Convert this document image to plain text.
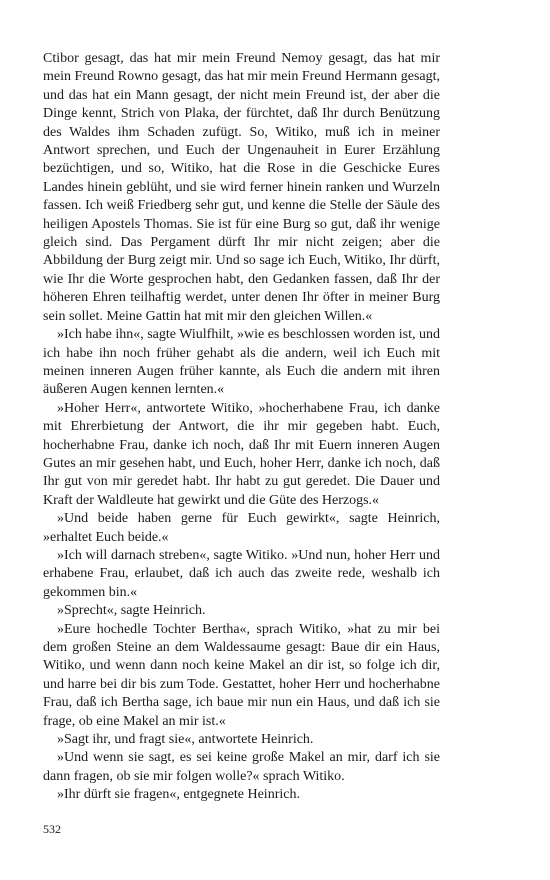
Ctibor gesagt, das hat mir mein Freund Nemoy gesagt, das hat mir mein Freund Rowno gesagt, das hat mir mein Freund Hermann gesagt, und das hat ein Mann gesagt, der nicht mein Freund ist, der aber die Dinge kennt, Strich von Plaka, der fürchtet, daß Ihr durch Benützung des Waldes ihm Schaden zufügt. So, Witiko, muß ich in meiner Antwort sprechen, und Euch der Ungenauheit in Eurer Erzählung bezüchtigen, und so, Witiko, hat die Rose in die Geschicke Eures Landes hinein geblüht, und sie wird ferner hinein ranken und Wurzeln fassen. Ich weiß Friedberg sehr gut, und kenne die Stelle der Säule des heiligen Apostels Thomas. Sie ist für eine Burg so gut, daß ihr wenige gleich sind. Das Pergament dürft Ihr mir nicht zeigen; aber die Abbildung der Burg zeigt mir. Und so sage ich Euch, Witiko, Ihr dürft, wie Ihr die Worte gesprochen habt, den Gedanken fassen, daß Ihr der höheren Ehren teilhaftig werdet, unter denen Ihr öfter in meiner Burg sein sollet. Meine Gattin hat mit mir den gleichen Willen.«

»Ich habe ihn«, sagte Wiulfhilt, »wie es beschlossen worden ist, und ich habe ihn noch früher gehabt als die andern, weil ich Euch mit meinen inneren Augen früher kannte, als Euch die andern mit ihren äußeren Augen kennen lernten.«

»Hoher Herr«, antwortete Witiko, »hocherhabene Frau, ich danke mit Ehrerbietung der Antwort, die ihr mir gegeben habt. Euch, hocherhabne Frau, danke ich noch, daß Ihr mit Euern inneren Augen Gutes an mir gesehen habt, und Euch, hoher Herr, danke ich noch, daß Ihr gut von mir geredet habt. Ihr habt zu gut geredet. Die Dauer und Kraft der Waldleute hat gewirkt und die Güte des Herzogs.«

»Und beide haben gerne für Euch gewirkt«, sagte Heinrich, »erhaltet Euch beide.«

»Ich will darnach streben«, sagte Witiko. »Und nun, hoher Herr und erhabene Frau, erlaubet, daß ich auch das zweite rede, weshalb ich gekommen bin.«

»Sprecht«, sagte Heinrich.

»Eure hochedle Tochter Bertha«, sprach Witiko, »hat zu mir bei dem großen Steine an dem Waldessaume gesagt: Baue dir ein Haus, Witiko, und wenn dann noch keine Makel an dir ist, so folge ich dir, und harre bei dir bis zum Tode. Gestattet, hoher Herr und hocherhabne Frau, daß ich Bertha sage, ich baue mir nun ein Haus, und daß ich sie frage, ob eine Makel an mir ist.«

»Sagt ihr, und fragt sie«, antwortete Heinrich.

»Und wenn sie sagt, es sei keine große Makel an mir, darf ich sie dann fragen, ob sie mir folgen wolle?« sprach Witiko.

»Ihr dürft sie fragen«, entgegnete Heinrich.

532
